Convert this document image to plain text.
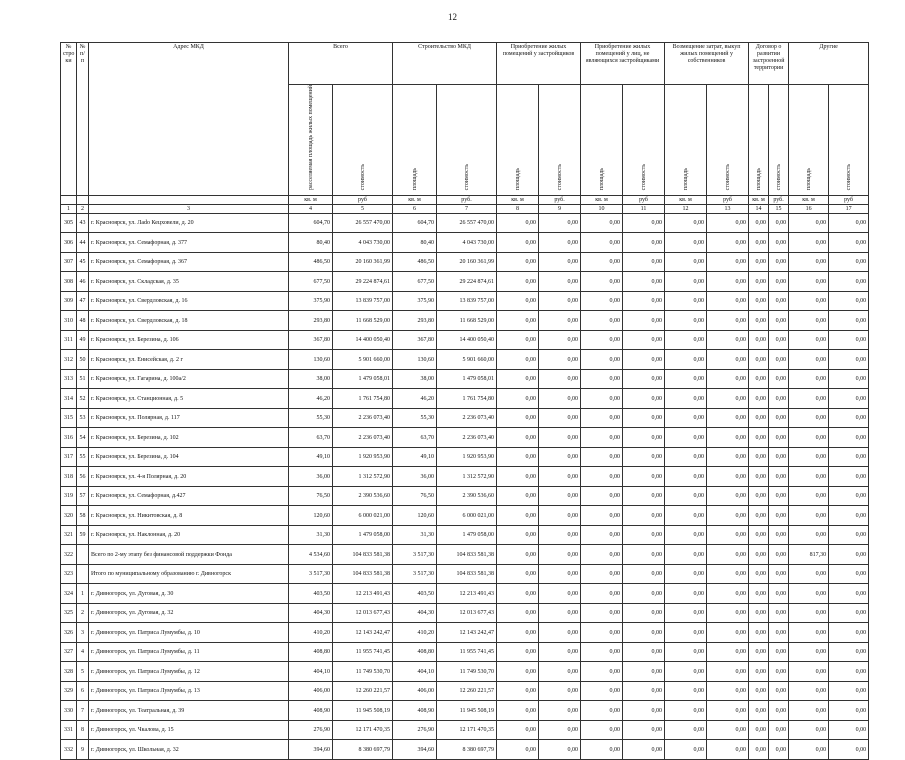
12
№ стро ки	№ п/п	Адрес МКД	Всего		Строительство МКД		Приобретение жилых помещений у застройщиков		Приобретение жилых помещений у лиц, не являющихся застройщиками		Возмещение затрат, выкуп жилых помещений у собственников		Договор о развитии застроенной территории		Другие	
			расселяемая площадь жилых помещений	стоимость	площадь	стоимость	площадь	стоимость	площадь	стоимость	площадь	стоимость	площадь	стоимость	площадь	стоимость
			кв. м	руб	кв. м	руб.	кв. м	руб.	кв. м	руб	кв. м	руб	кв. м	руб.	кв. м	руб
1	2	3	4	5	6	7	8	9	10	11	12	13	14	15	16	17
305	43	г. Красноярск, ул. Лado Кецховели, д. 20	604,70	26 557 470,00	604,70	26 557 470,00	0,00	0,00	0,00	0,00	0,00	0,00	0,00	0,00	0,00	0,00
306	44	г. Красноярск, ул. Семафорная, д. 377	80,40	4 043 730,00	80,40	4 043 730,00	0,00	0,00	0,00	0,00	0,00	0,00	0,00	0,00	0,00	0,00
307	45	г. Красноярск, ул. Семафорная, д. 367	486,50	20 160 361,99	486,50	20 160 361,99	0,00	0,00	0,00	0,00	0,00	0,00	0,00	0,00	0,00	0,00
308	46	г. Красноярск, ул. Складская, д. 35	677,50	29 224 874,61	677,50	29 224 874,61	0,00	0,00	0,00	0,00	0,00	0,00	0,00	0,00	0,00	0,00
309	47	г. Красноярск, ул. Свердловская, д. 16	375,90	13 839 757,00	375,90	13 839 757,00	0,00	0,00	0,00	0,00	0,00	0,00	0,00	0,00	0,00	0,00
310	48	г. Красноярск, ул. Свердловская, д. 18	293,80	11 668 529,00	293,80	11 668 529,00	0,00	0,00	0,00	0,00	0,00	0,00	0,00	0,00	0,00	0,00
311	49	г. Красноярск, ул. Березина, д. 106	367,80	14 400 050,40	367,80	14 400 050,40	0,00	0,00	0,00	0,00	0,00	0,00	0,00	0,00	0,00	0,00
312	50	г. Красноярск, ул. Енисейская, д. 2 г	130,60	5 901 660,00	130,60	5 901 660,00	0,00	0,00	0,00	0,00	0,00	0,00	0,00	0,00	0,00	0,00
313	51	г. Красноярск, ул. Гагарина, д. 100а/2	38,00	1 479 058,01	38,00	1 479 058,01	0,00	0,00	0,00	0,00	0,00	0,00	0,00	0,00	0,00	0,00
314	52	г. Красноярск, ул. Станционная, д. 5	46,20	1 761 754,80	46,20	1 761 754,80	0,00	0,00	0,00	0,00	0,00	0,00	0,00	0,00	0,00	0,00
315	53	г. Красноярск, ул. Полярная, д. 117	55,30	2 236 073,40	55,30	2 236 073,40	0,00	0,00	0,00	0,00	0,00	0,00	0,00	0,00	0,00	0,00
316	54	г. Красноярск, ул. Березина, д. 102	63,70	2 236 073,40	63,70	2 236 073,40	0,00	0,00	0,00	0,00	0,00	0,00	0,00	0,00	0,00	0,00
317	55	г. Красноярск, ул. Березина, д. 104	49,10	1 920 953,90	49,10	1 920 953,90	0,00	0,00	0,00	0,00	0,00	0,00	0,00	0,00	0,00	0,00
318	56	г. Красноярск, ул. 4-я Полярная, д. 20	36,00	1 312 572,90	36,00	1 312 572,90	0,00	0,00	0,00	0,00	0,00	0,00	0,00	0,00	0,00	0,00
319	57	г. Красноярск, ул. Семафорная, д.427	76,50	2 390 536,60	76,50	2 390 536,60	0,00	0,00	0,00	0,00	0,00	0,00	0,00	0,00	0,00	0,00
320	58	г. Красноярск, ул. Никитовская, д. 8	120,60	6 000 021,00	120,60	6 000 021,00	0,00	0,00	0,00	0,00	0,00	0,00	0,00	0,00	0,00	0,00
321	59	г. Красноярск, ул. Наклонная, д. 20	31,30	1 479 058,00	31,30	1 479 058,00	0,00	0,00	0,00	0,00	0,00	0,00	0,00	0,00	0,00	0,00
322		Всего по 2-му этапу без финансовой поддержки Фонда	4 534,60	104 833 581,38	3 517,30	104 833 581,38	0,00	0,00	0,00	0,00	0,00	0,00	0,00	0,00	817,30	0,00
323		Итого по муниципальному образованию г. Дивногорск	3 517,30	104 833 581,38	3 517,30	104 833 581,38	0,00	0,00	0,00	0,00	0,00	0,00	0,00	0,00	0,00	0,00
324	1	г. Дивногорск, ул. Дуговая, д. 30	403,50	12 213 491,43	403,50	12 213 491,43	0,00	0,00	0,00	0,00	0,00	0,00	0,00	0,00	0,00	0,00
325	2	г. Дивногорск, ул. Дуговая, д. 32	404,30	12 013 677,43	404,30	12 013 677,43	0,00	0,00	0,00	0,00	0,00	0,00	0,00	0,00	0,00	0,00
326	3	г. Дивногорск, ул. Патриса Лумумбы, д. 10	410,20	12 143 242,47	410,20	12 143 242,47	0,00	0,00	0,00	0,00	0,00	0,00	0,00	0,00	0,00	0,00
327	4	г. Дивногорск, ул. Патриса Лумумбы, д. 11	408,80	11 955 741,45	408,80	11 955 741,45	0,00	0,00	0,00	0,00	0,00	0,00	0,00	0,00	0,00	0,00
328	5	г. Дивногорск, ул. Патриса Лумумбы, д. 12	404,10	11 749 530,70	404,10	11 749 530,70	0,00	0,00	0,00	0,00	0,00	0,00	0,00	0,00	0,00	0,00
329	6	г. Дивногорск, ул. Патриса Лумумбы, д. 13	406,00	12 260 221,57	406,00	12 260 221,57	0,00	0,00	0,00	0,00	0,00	0,00	0,00	0,00	0,00	0,00
330	7	г. Дивногорск, ул. Театральная, д. 39	408,90	11 945 508,19	408,90	11 945 508,19	0,00	0,00	0,00	0,00	0,00	0,00	0,00	0,00	0,00	0,00
331	8	г. Дивногорск, ул. Чкалова, д. 15	276,90	12 171 470,35	276,90	12 171 470,35	0,00	0,00	0,00	0,00	0,00	0,00	0,00	0,00	0,00	0,00
332	9	г. Дивногорск, ул. Школьная, д. 32	394,60	8 380 697,79	394,60	8 380 697,79	0,00	0,00	0,00	0,00	0,00	0,00	0,00	0,00	0,00	0,00
